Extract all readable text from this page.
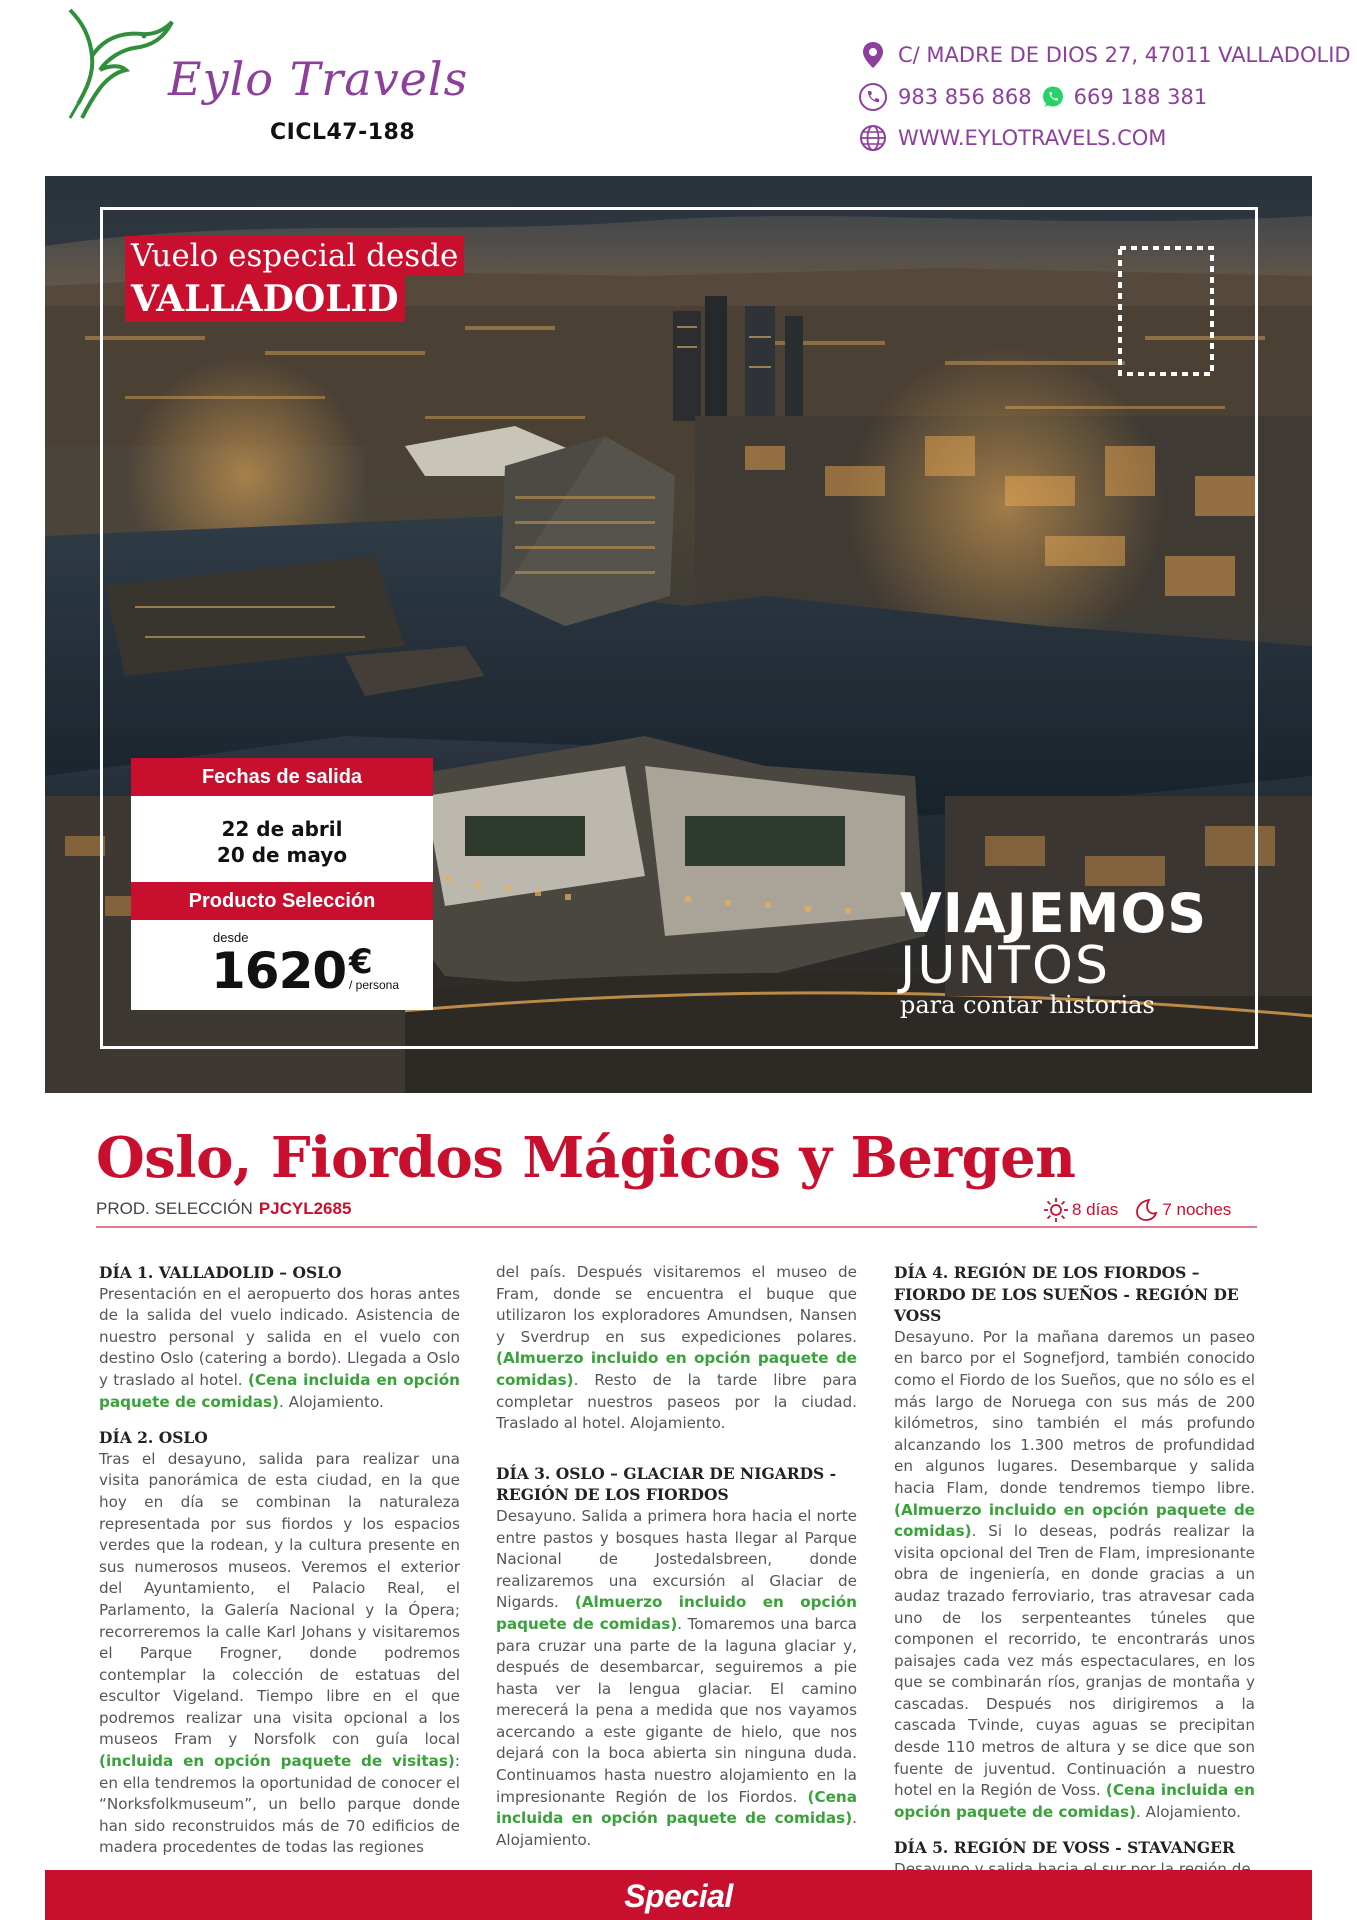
Eylo Travels
CICL47-188
C/ MADRE DE DIOS 27, 47011 VALLADOLID
983 856 868 669 188 381
WWW.EYLOTRAVELS.COM
Vuelo especial desde
VALLADOLID
Fechas de salida
22 de abril
20 de mayo
Producto Selección
desde
1620 €
/ persona
VIAJEMOS
JUNTOS
para contar historias
Oslo, Fiordos Mágicos y Bergen
PROD. SELECCIÓN PJCYL2685	8 días	7 noches
DÍA 1. VALLADOLID – OSLO
Presentación en el aeropuerto dos horas antes de la salida del vuelo indicado. Asistencia de nuestro personal y salida en el vuelo con destino Oslo (catering a bordo). Llegada a Oslo y traslado al hotel. (Cena incluida en opción paquete de comidas). Alojamiento.
DÍA 2. OSLO
Tras el desayuno, salida para realizar una visita panorámica de esta ciudad, en la que hoy en día se combinan la naturaleza representada por sus fiordos y los espacios verdes que la rodean, y la cultura presente en sus numerosos museos. Veremos el exterior del Ayuntamiento, el Palacio Real, el Parlamento, la Galería Nacional y la Ópera; recorreremos la calle Karl Johans y visitaremos el Parque Frogner, donde podremos contemplar la colección de estatuas del escultor Vigeland. Tiempo libre en el que podremos realizar una visita opcional a los museos Fram y Norsfolk con guía local (incluida en opción paquete de visitas): en ella tendremos la oportunidad de conocer el “Norksfolkmuseum”, un bello parque donde han sido reconstruidos más de 70 edificios de madera procedentes de todas las regiones
del país. Después visitaremos el museo de Fram, donde se encuentra el buque que utilizaron los exploradores Amundsen, Nansen y Sverdrup en sus expediciones polares. (Almuerzo incluido en opción paquete de comidas). Resto de la tarde libre para completar nuestros paseos por la ciudad. Traslado al hotel. Alojamiento.
DÍA 3. OSLO – GLACIAR DE NIGARDS - REGIÓN DE LOS FIORDOS
Desayuno. Salida a primera hora hacia el norte entre pastos y bosques hasta llegar al Parque Nacional de Jostedalsbreen, donde realizaremos una excursión al Glaciar de Nigards. (Almuerzo incluido en opción paquete de comidas). Tomaremos una barca para cruzar una parte de la laguna glaciar y, después de desembarcar, seguiremos a pie hasta ver la lengua glaciar. El camino merecerá la pena a medida que nos vayamos acercando a este gigante de hielo, que nos dejará con la boca abierta sin ninguna duda. Continuamos hasta nuestro alojamiento en la impresionante Región de los Fiordos. (Cena incluida en opción paquete de comidas). Alojamiento.
DÍA 4. REGIÓN DE LOS FIORDOS – FIORDO DE LOS SUEÑOS - REGIÓN DE VOSS
Desayuno. Por la mañana daremos un paseo en barco por el Sognefjord, también conocido como el Fiordo de los Sueños, que no sólo es el más largo de Noruega con sus más de 200 kilómetros, sino también el más profundo alcanzando los 1.300 metros de profundidad en algunos lugares. Desembarque y salida hacia Flam, donde tendremos tiempo libre. (Almuerzo incluido en opción paquete de comidas). Si lo deseas, podrás realizar la visita opcional del Tren de Flam, impresionante obra de ingeniería, en donde gracias a un audaz trazado ferroviario, tras atravesar cada uno de los serpenteantes túneles que componen el recorrido, te encontrarás unos paisajes cada vez más espectaculares, en los que se combinarán ríos, granjas de montaña y cascadas. Después nos dirigiremos a la cascada Tvinde, cuyas aguas se precipitan desde 110 metros de altura y se dice que son fuente de juventud. Continuación a nuestro hotel en la Región de Voss. (Cena incluida en opción paquete de comidas). Alojamiento.
DÍA 5. REGIÓN DE VOSS - STAVANGER
Special
